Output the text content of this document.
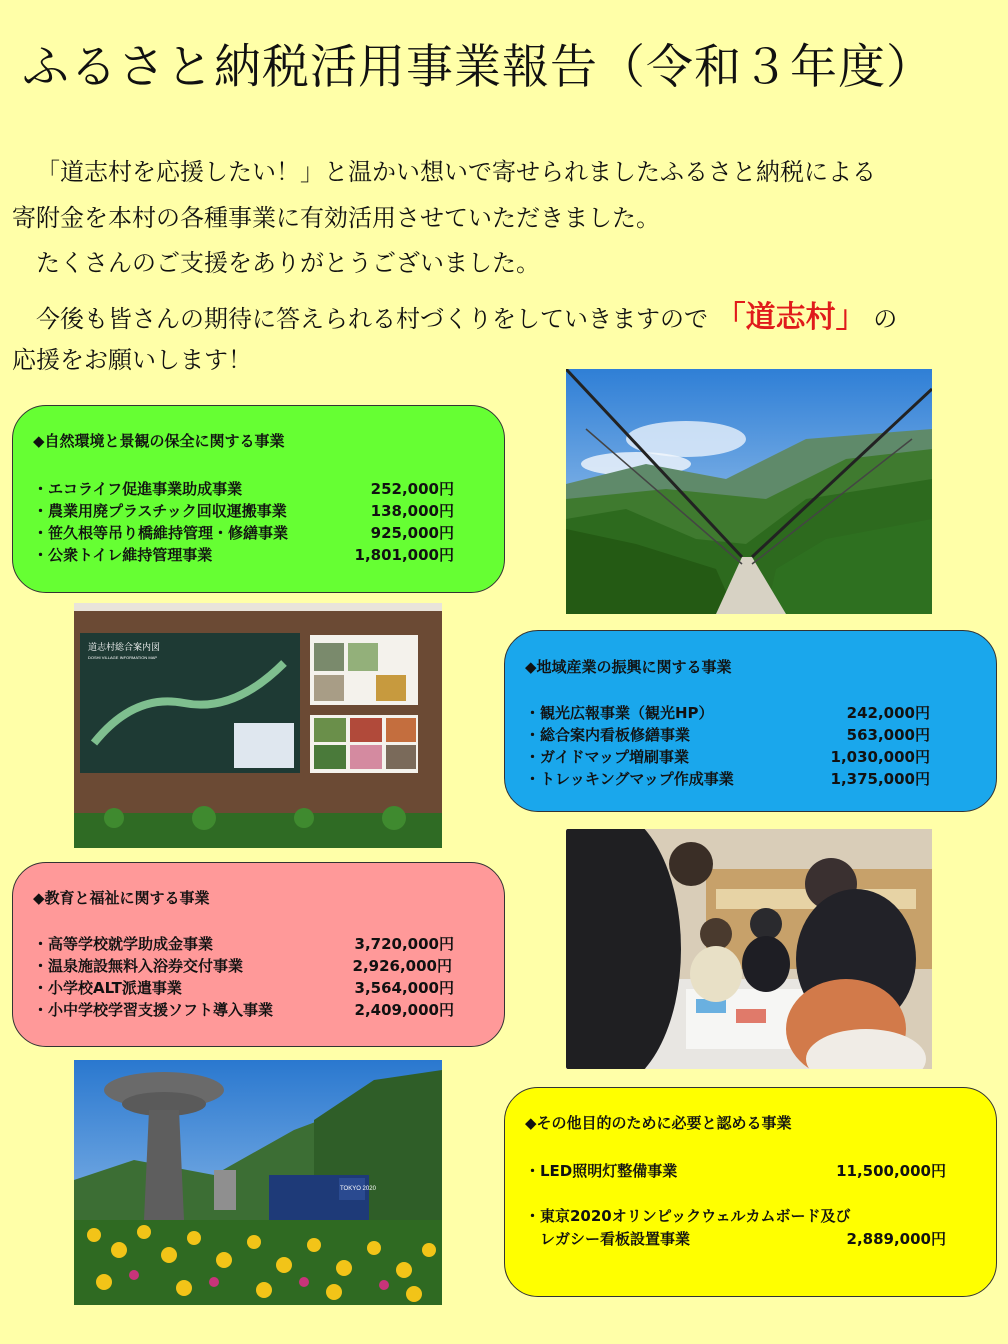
ふるさと納税活用事業報告（令和３年度）
「道志村を応援したい！」と温かい想いで寄せられましたふるさと納税による
寄附金を本村の各種事業に有効活用させていただきました。
たくさんのご支援をありがとうございました。
今後も皆さんの期待に答えられる村づくりをしていきますので 「道志村」 の
応援をお願いします！
◆自然環境と景観の保全に関する事業
・エコライフ促進事業助成事業	252,000円
・農業用廃プラスチック回収運搬事業	138,000円
・笹久根等吊り橋維持管理・修繕事業	925,000円
・公衆トイレ維持管理事業	1,801,000円
◆地域産業の振興に関する事業
・観光広報事業（観光HP）	242,000円
・総合案内看板修繕事業	563,000円
・ガイドマップ増刷事業	1,030,000円
・トレッキングマップ作成事業	1,375,000円
◆教育と福祉に関する事業
・高等学校就学助成金事業	3,720,000円
・温泉施設無料入浴券交付事業	2,926,000円
・小学校ALT派遣事業	3,564,000円
・小中学校学習支援ソフト導入事業	2,409,000円
◆その他目的のために必要と認める事業
・LED照明灯整備事業	11,500,000円
・東京2020オリンピックウェルカムボード及び
　レガシー看板設置事業	2,889,000円
道志村総合案内図
DOSHI VILLAGE INFORMATION MAP
TOKYO 2020
